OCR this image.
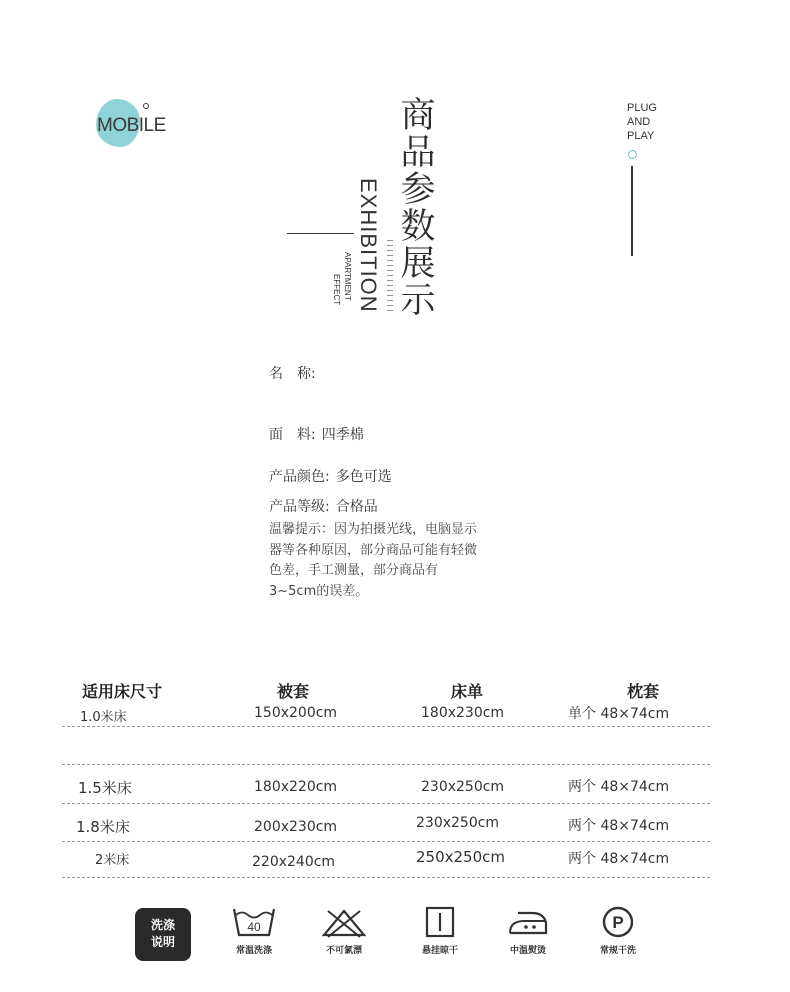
MOBILE	商
品
参
数
展
示
EXHIBITION
APARTMENT
EFFECT
PLUG
AND
PLAY
名　称:
面　料: 四季棉
产品颜色: 多色可选
产品等级: 合格品
温馨提示：因为拍摄光线，电脑显示器等各种原因，部分商品可能有轻微色差，手工测量，部分商品有3~5cm的误差。
适用床尺寸	被套	床单	枕套
1.0米床	150x200cm	180x230cm	单个 48×74cm
1.5米床	180x220cm	230x250cm	两个 48×74cm
1.8米床	200x230cm	230x250cm	两个 48×74cm
2米床	220x240cm	250x250cm	两个 48×74cm
洗涤
说明
40
常温洗涤	不可氯漂	悬挂晾干	中温熨烫
P
常规干洗
